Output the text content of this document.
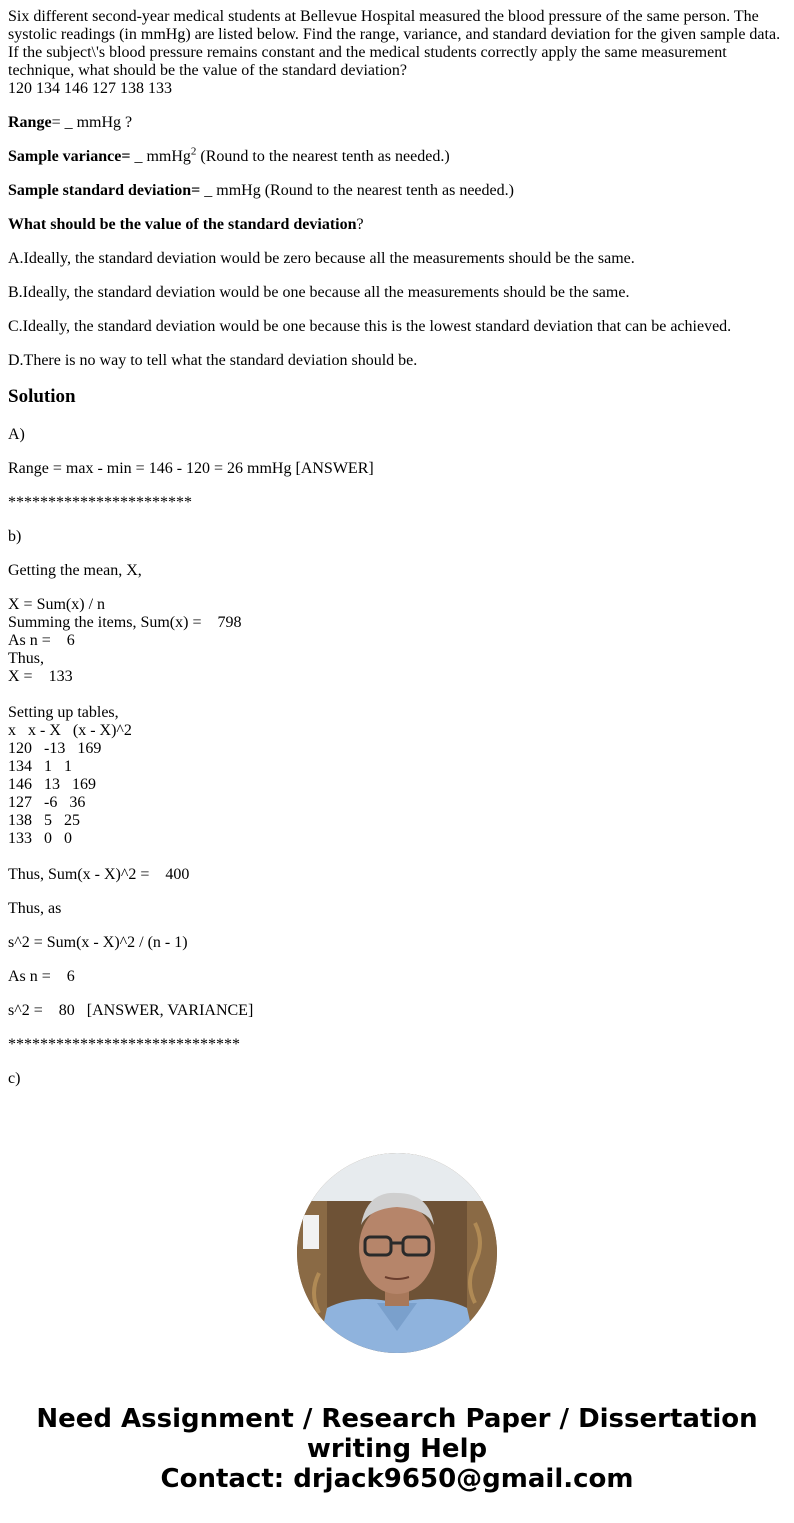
Six different second-year medical students at Bellevue Hospital measured the blood pressure of the same person. The systolic readings (in mmHg) are listed below. Find the range, variance, and standard deviation for the given sample data. If the subject\'s blood pressure remains constant and the medical students correctly apply the same measurement technique, what should be the value of the standard deviation?
120 134 146 127 138 133
Range= _ mmHg ?
Sample variance= _ mmHg$^2$ (Round to the nearest tenth as needed.)
Sample standard deviation= _ mmHg (Round to the nearest tenth as needed.)
What should be the value of the standard deviation?
A.Ideally, the standard deviation would be zero because all the measurements should be the same.
B.Ideally, the standard deviation would be one because all the measurements should be the same.
C.Ideally, the standard deviation would be one because this is the lowest standard deviation that can be achieved.
D.There is no way to tell what the standard deviation should be.
Solution
A)
Range = max - min = 146 - 120 = 26 mmHg [ANSWER]
***********************
b)
Getting the mean, X,
X = Sum(x) / n
Summing the items, Sum(x) =    798
As n =    6
Thus,
X =    133
Setting up tables,
x   x - X   (x - X)^2
120   -13   169
134   1   1
146   13   169
127   -6   36
138   5   25
133   0   0
Thus, Sum(x - X)^2 =    400
Thus, as
s^2 = Sum(x - X)^2 / (n - 1)
As n =    6
s^2 =    80   [ANSWER, VARIANCE]
*****************************
c)
Need Assignment / Research Paper / Dissertation
writing Help
Contact: drjack9650@gmail.com
